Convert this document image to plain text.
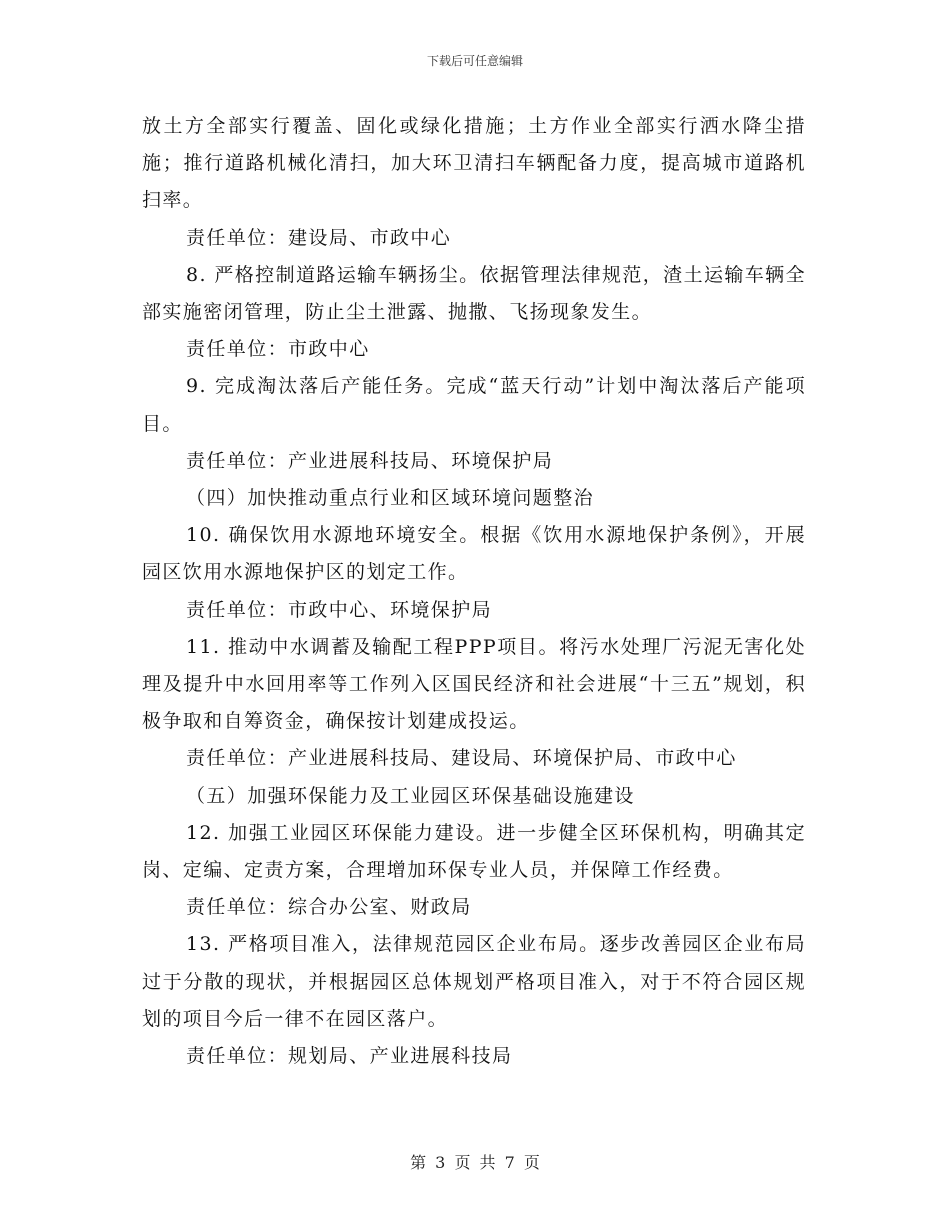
下载后可任意编辑

放土方全部实行覆盖、固化或绿化措施；土方作业全部实行洒水降尘措施；推行道路机械化清扫，加大环卫清扫车辆配备力度，提高城市道路机扫率。

责任单位：建设局、市政中心

8. 严格控制道路运输车辆扬尘。依据管理法律规范，渣土运输车辆全部实施密闭管理，防止尘土泄露、抛撒、飞扬现象发生。

责任单位：市政中心

9. 完成淘汰落后产能任务。完成“蓝天行动”计划中淘汰落后产能项目。

责任单位：产业进展科技局、环境保护局

（四）加快推动重点行业和区域环境问题整治

10. 确保饮用水源地环境安全。根据《饮用水源地保护条例》，开展园区饮用水源地保护区的划定工作。

责任单位：市政中心、环境保护局

11. 推动中水调蓄及输配工程PPP项目。将污水处理厂污泥无害化处理及提升中水回用率等工作列入区国民经济和社会进展“十三五”规划，积极争取和自筹资金，确保按计划建成投运。

责任单位：产业进展科技局、建设局、环境保护局、市政中心

（五）加强环保能力及工业园区环保基础设施建设

12. 加强工业园区环保能力建设。进一步健全区环保机构，明确其定岗、定编、定责方案，合理增加环保专业人员，并保障工作经费。

责任单位：综合办公室、财政局

13. 严格项目准入，法律规范园区企业布局。逐步改善园区企业布局过于分散的现状，并根据园区总体规划严格项目准入，对于不符合园区规划的项目今后一律不在园区落户。

责任单位：规划局、产业进展科技局

第 3 页 共 7 页
